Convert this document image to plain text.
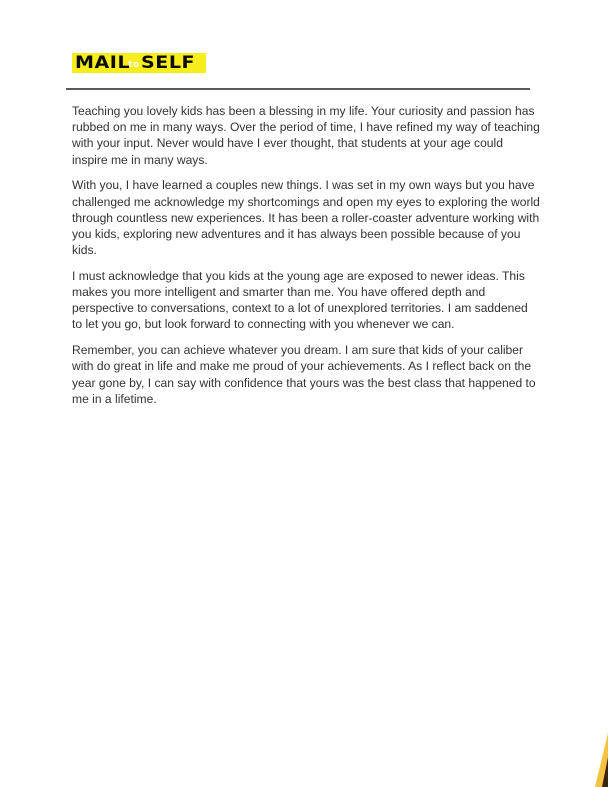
MAIL
to SELF

Teaching you lovely kids has been a blessing in my life. Your curiosity and passion has rubbed on me in many ways. Over the period of time, I have refined my way of teaching with your input. Never would have I ever thought, that students at your age could inspire me in many ways.

With you, I have learned a couples new things. I was set in my own ways but you have challenged me acknowledge my shortcomings and open my eyes to exploring the world through countless new experiences. It has been a roller-coaster adventure working with you kids, exploring new adventures and it has always been possible because of you kids.

I must acknowledge that you kids at the young age are exposed to newer ideas. This makes you more intelligent and smarter than me. You have offered depth and perspective to conversations, context to a lot of unexplored territories. I am saddened to let you go, but look forward to connecting with you whenever we can.

Remember, you can achieve whatever you dream. I am sure that kids of your caliber with do great in life and make me proud of your achievements. As I reflect back on the year gone by, I can say with confidence that yours was the best class that happened to me in a lifetime.
